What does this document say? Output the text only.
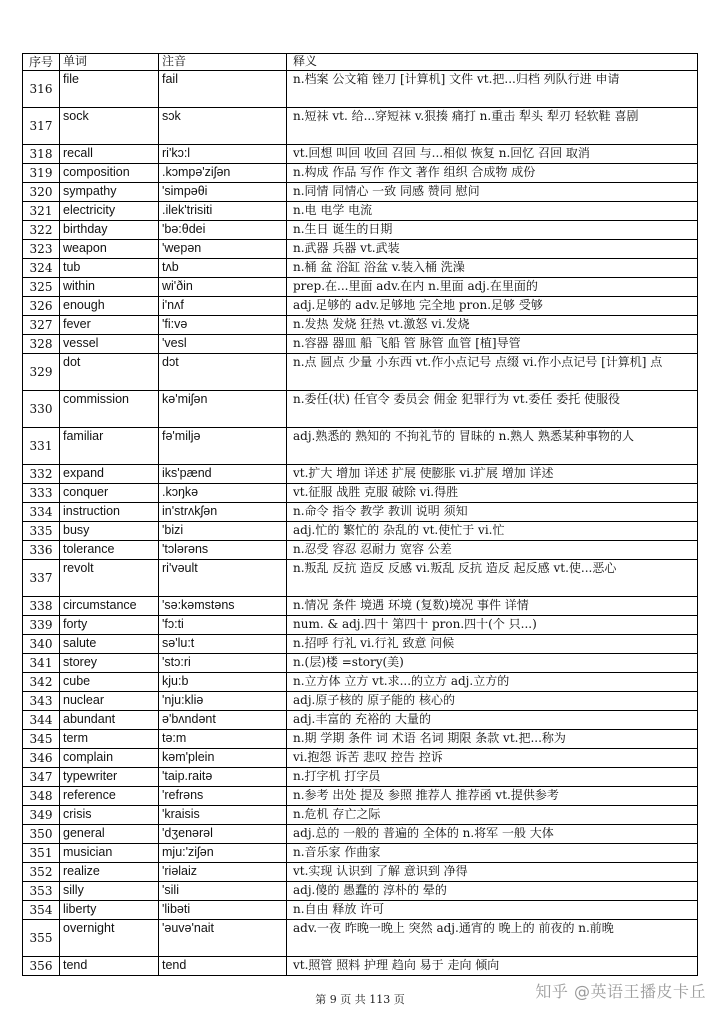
序号	单词	注音	释义
316	file	fail	n.档案 公文箱 锉刀 [计算机] 文件 vt.把...归档 列队行进 申请
317	sock	sɔk	n.短袜 vt. 给...穿短袜 v.狠揍 痛打 n.重击 犁头 犁刃 轻软鞋 喜剧
318	recall	ri'kɔ:l	vt.回想 叫回 收回 召回 与...相似 恢复 n.回忆 召回 取消
319	composition	.kɔmpə'ziʃən	n.构成 作品 写作 作文 著作 组织 合成物 成份
320	sympathy	'simpəθi	n.同情 同情心 一致 同感 赞同 慰问
321	electricity	.ilek'trisiti	n.电 电学 电流
322	birthday	'bə:θdei	n.生日 诞生的日期
323	weapon	'wepən	n.武器 兵器 vt.武装
324	tub	tʌb	n.桶 盆 浴缸 浴盆 v.装入桶 洗澡
325	within	wi'ðin	prep.在...里面 adv.在内 n.里面 adj.在里面的
326	enough	i'nʌf	adj.足够的 adv.足够地 完全地 pron.足够 受够
327	fever	'fi:və	n.发热 发烧 狂热 vt.激怒 vi.发烧
328	vessel	'vesl	n.容器 器皿 船 飞船 管 脉管 血管 [植]导管
329	dot	dɔt	n.点 圆点 少量 小东西 vt.作小点记号 点缀 vi.作小点记号 [计算机] 点
330	commission	kə'miʃən	n.委任(状) 任官令 委员会 佣金 犯罪行为 vt.委任 委托 使服役
331	familiar	fə'miljə	adj.熟悉的 熟知的 不拘礼节的 冒昧的 n.熟人 熟悉某种事物的人
332	expand	iks'pænd	vt.扩大 增加 详述 扩展 使膨胀 vi.扩展 增加 详述
333	conquer	.kɔŋkə	vt.征服 战胜 克服 破除 vi.得胜
334	instruction	in'strʌkʃən	n.命令 指令 教学 教训 说明 须知
335	busy	'bizi	adj.忙的 繁忙的 杂乱的 vt.使忙于 vi.忙
336	tolerance	'tɔlərəns	n.忍受 容忍 忍耐力 宽容 公差
337	revolt	ri'vəult	n.叛乱 反抗 造反 反感 vi.叛乱 反抗 造反 起反感 vt.使...恶心
338	circumstance	'sə:kəmstəns	n.情况 条件 境遇 环境 (复数)境况 事件 详情
339	forty	'fɔ:ti	num. & adj.四十 第四十 pron.四十(个 只...)
340	salute	sə'lu:t	n.招呼 行礼 vi.行礼 致意 问候
341	storey	'stɔ:ri	n.(层)楼 =story(美)
342	cube	kju:b	n.立方体 立方 vt.求...的立方 adj.立方的
343	nuclear	'nju:kliə	adj.原子核的 原子能的 核心的
344	abundant	ə'bʌndənt	adj.丰富的 充裕的 大量的
345	term	tə:m	n.期 学期 条件 词 术语 名词 期限 条款 vt.把...称为
346	complain	kəm'plein	vi.抱怨 诉苦 悲叹 控告 控诉
347	typewriter	'taip.raitə	n.打字机 打字员
348	reference	'refrəns	n.参考 出处 提及 参照 推荐人 推荐函 vt.提供参考
349	crisis	'kraisis	n.危机 存亡之际
350	general	'dʒenərəl	adj.总的 一般的 普遍的 全体的 n.将军 一般 大体
351	musician	mju:'ziʃən	n.音乐家 作曲家
352	realize	'riəlaiz	vt.实现 认识到 了解 意识到 净得
353	silly	'sili	adj.傻的 愚蠢的 淳朴的 晕的
354	liberty	'libəti	n.自由 释放 许可
355	overnight	'əuvə'nait	adv.一夜 昨晚一晚上 突然 adj.通宵的 晚上的 前夜的 n.前晚
356	tend	tend	vt.照管 照料 护理 趋向 易于 走向 倾向
第 9 页 共 113 页	知乎 @英语王播皮卡丘
